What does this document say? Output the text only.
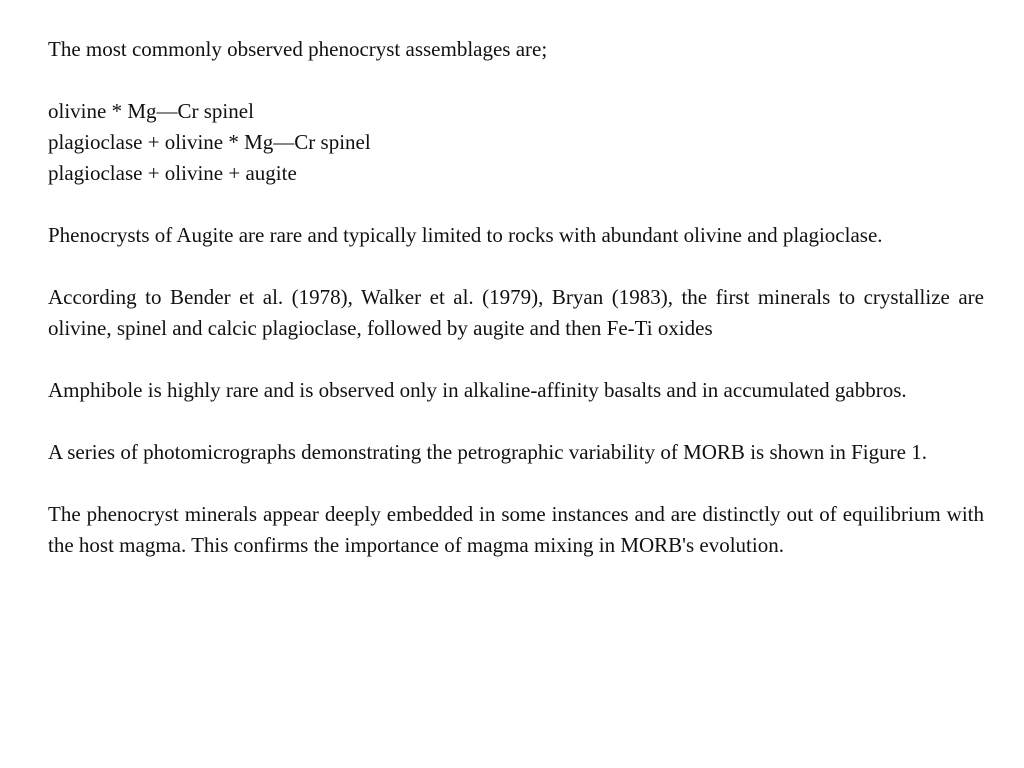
The most commonly observed phenocryst assemblages are;

olivine * Mg—Cr spinel
plagioclase + olivine * Mg—Cr spinel
plagioclase + olivine + augite

Phenocrysts of Augite are rare and typically limited to rocks with abundant olivine and plagioclase.

According to Bender et al. (1978), Walker et al. (1979), Bryan (1983), the first minerals to crystallize are olivine, spinel and calcic plagioclase, followed by augite and then Fe-Ti oxides

Amphibole is highly rare and is observed only in alkaline-affinity basalts and in accumulated gabbros.

A series of photomicrographs demonstrating the petrographic variability of MORB is shown in Figure 1.

The phenocryst minerals appear deeply embedded in some instances and are distinctly out of equilibrium with the host magma. This confirms the importance of magma mixing in MORB's evolution.
